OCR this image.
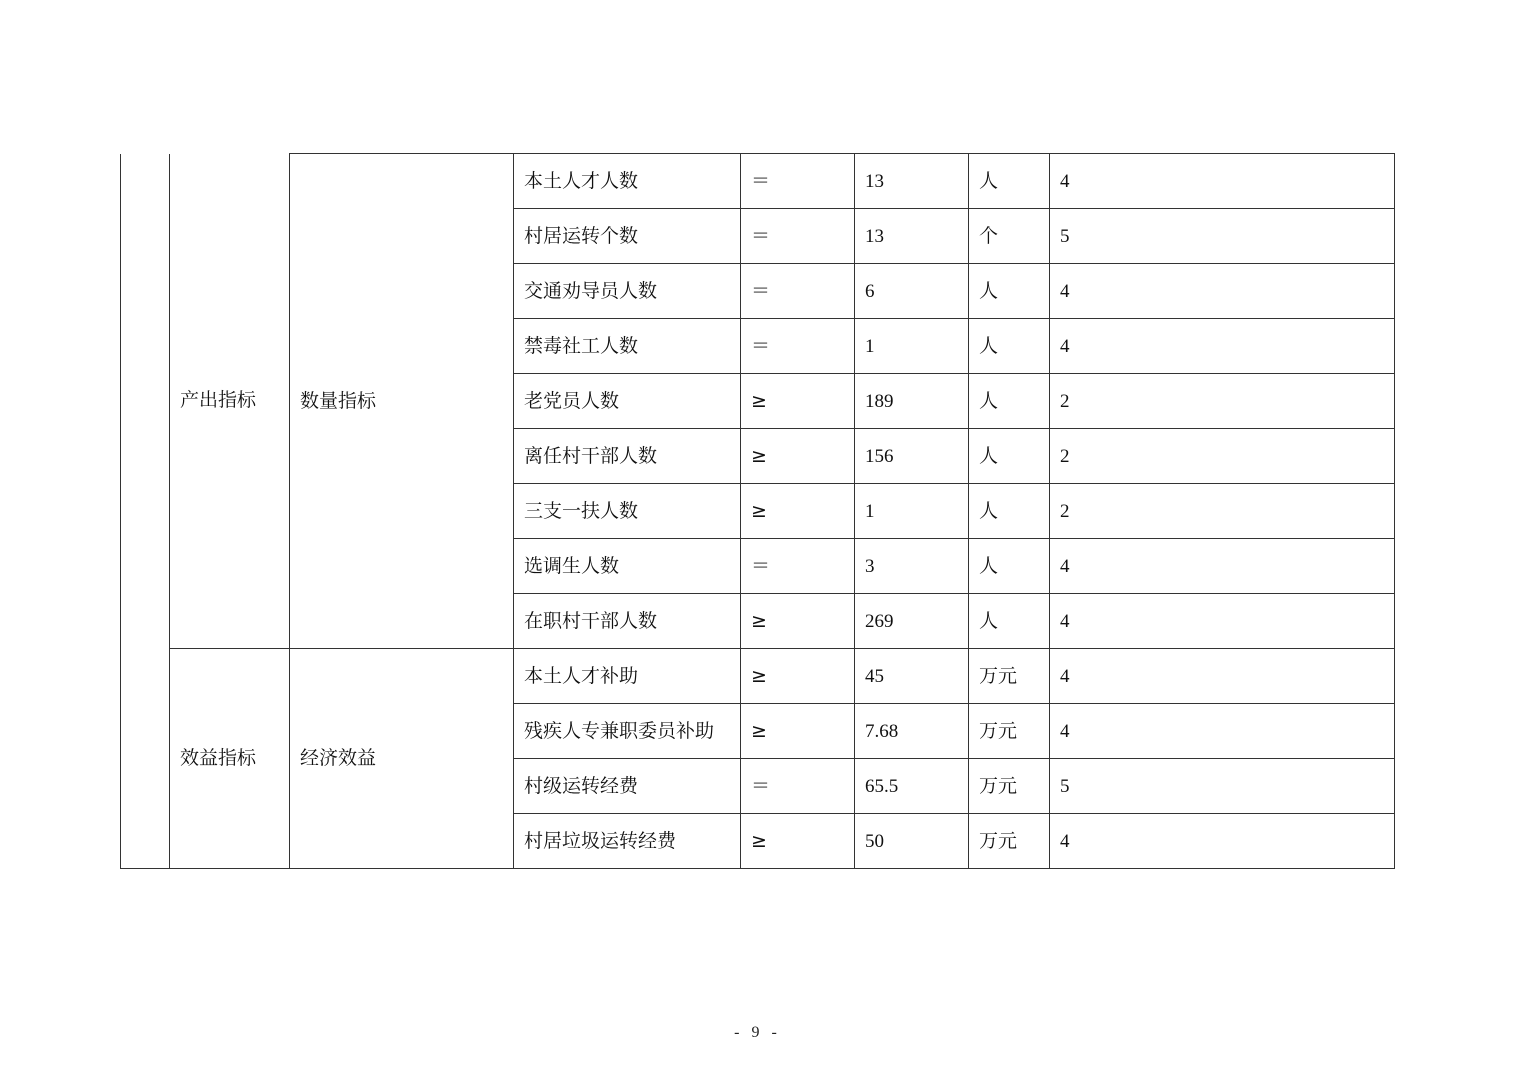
	产出指标	数量指标	本土人才人数	＝	13	人	4
			村居运转个数	＝	13	个	5
			交通劝导员人数	＝	6	人	4
			禁毒社工人数	＝	1	人	4
			老党员人数	≥	189	人	2
			离任村干部人数	≥	156	人	2
			三支一扶人数	≥	1	人	2
			选调生人数	＝	3	人	4
			在职村干部人数	≥	269	人	4
	效益指标	经济效益	本土人才补助	≥	45	万元	4
			残疾人专兼职委员补助	≥	7.68	万元	4
			村级运转经费	＝	65.5	万元	5
			村居垃圾运转经费	≥	50	万元	4
- 9 -
